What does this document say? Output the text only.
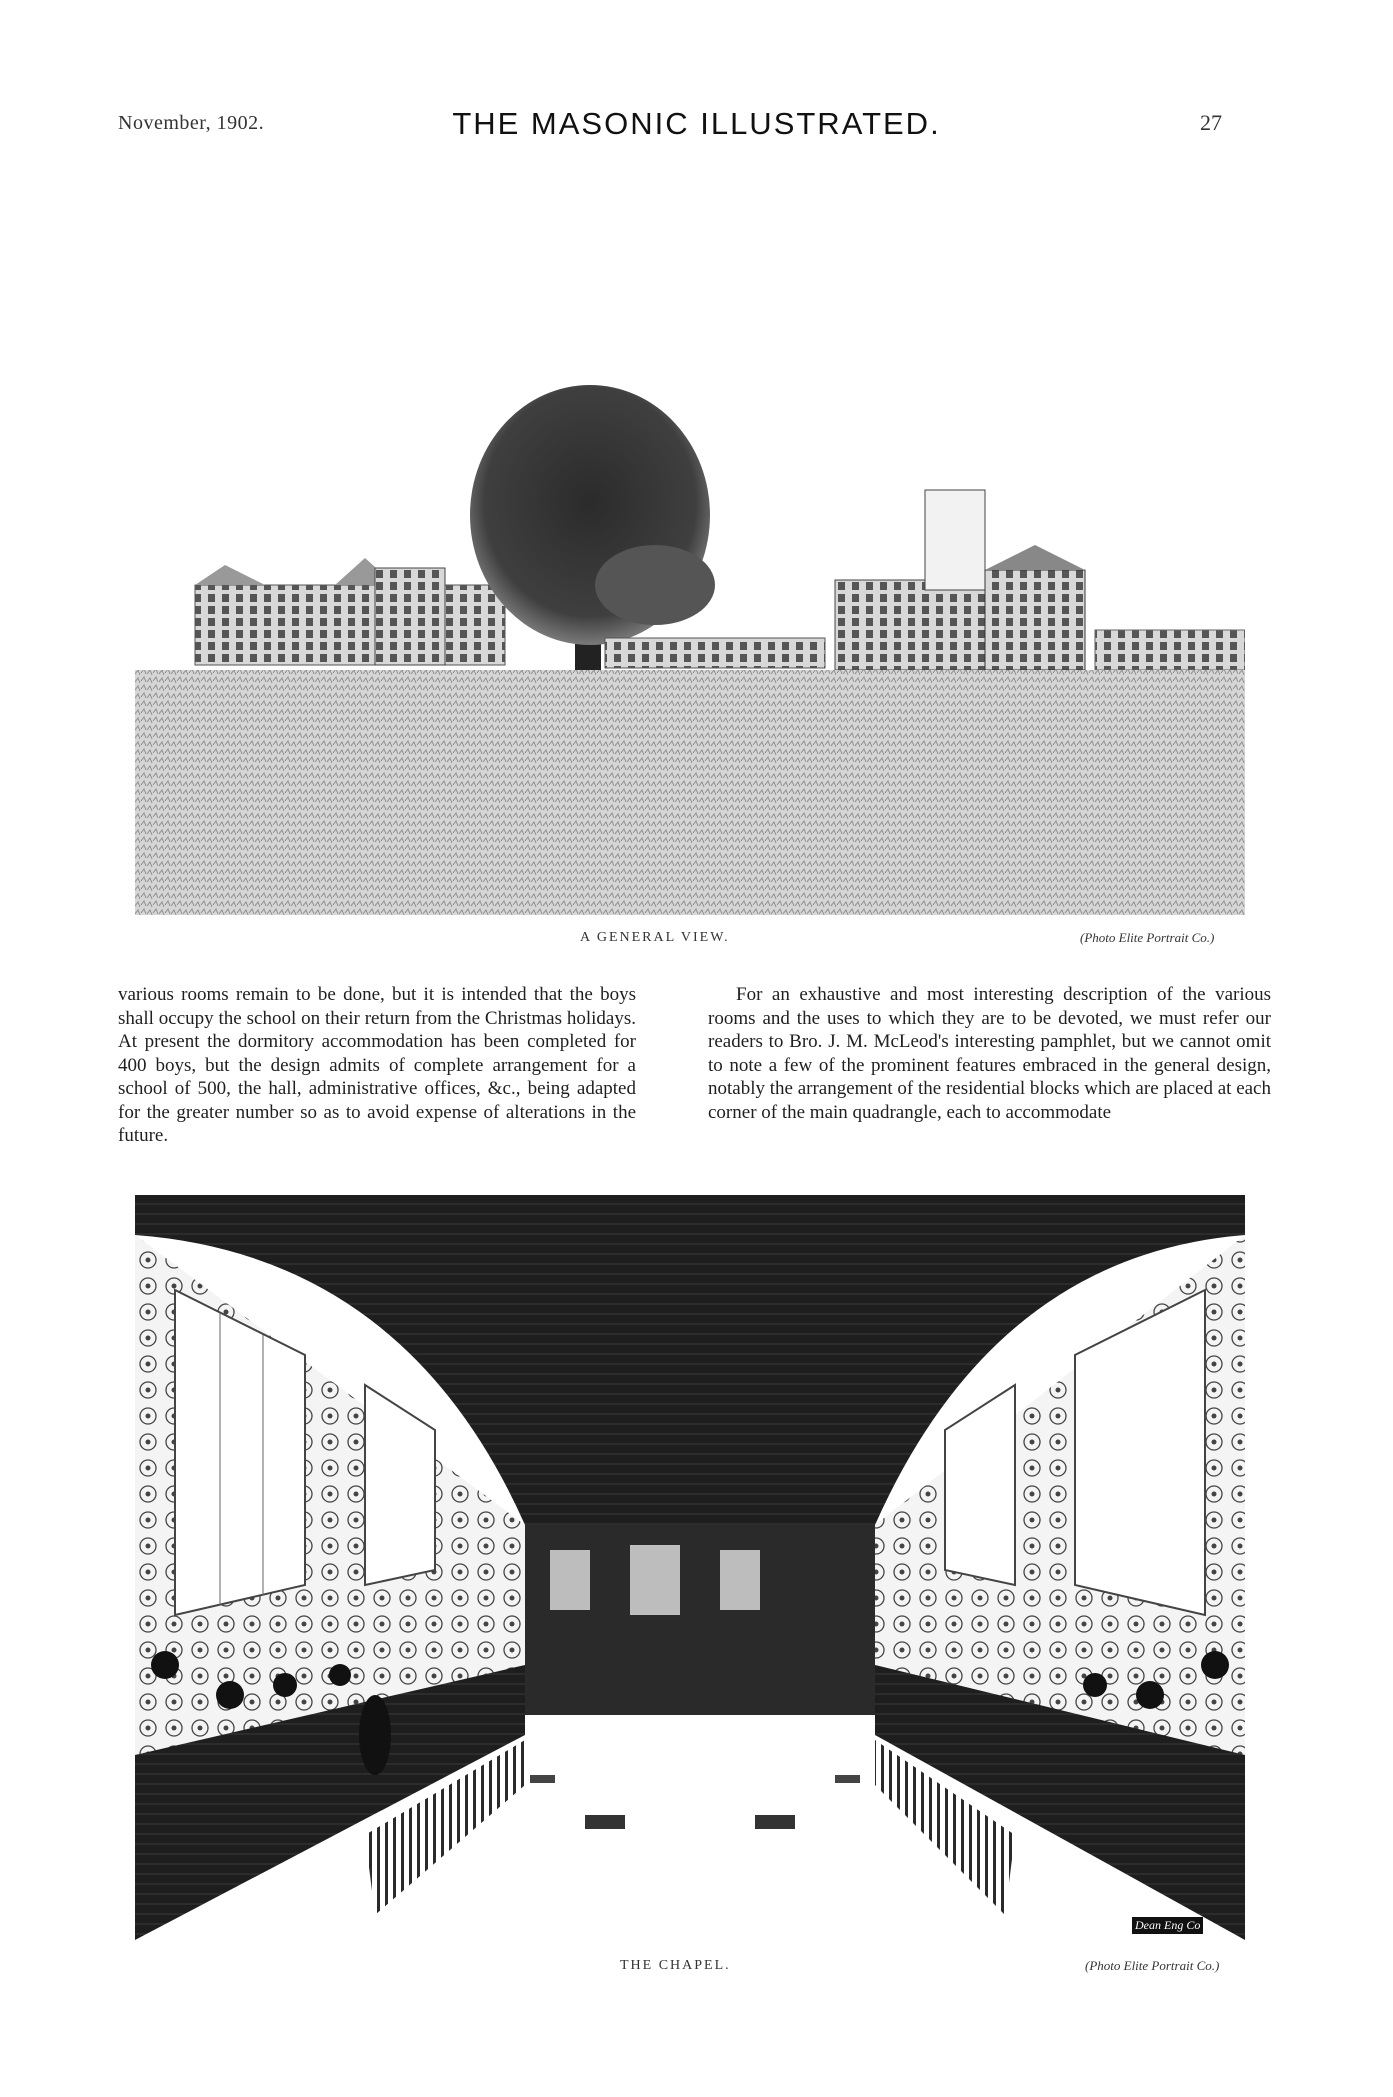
November, 1902.	THE MASONIC ILLUSTRATED.	27
A GENERAL VIEW.	(Photo Elite Portrait Co.)

various rooms remain to be done, but it is intended that the boys shall occupy the school on their return from the Christmas holidays. At present the dormitory accommodation has been completed for 400 boys, but the design admits of complete arrangement for a school of 500, the hall, administrative offices, &c., being adapted for the greater number so as to avoid expense of alterations in the future.

For an exhaustive and most interesting description of the various rooms and the uses to which they are to be devoted, we must refer our readers to Bro. J. M. McLeod's interesting pamphlet, but we cannot omit to note a few of the prominent features embraced in the general design, notably the arrangement of the residential blocks which are placed at each corner of the main quadrangle, each to accommodate

Dean Eng Co
THE CHAPEL.	(Photo Elite Portrait Co.)
